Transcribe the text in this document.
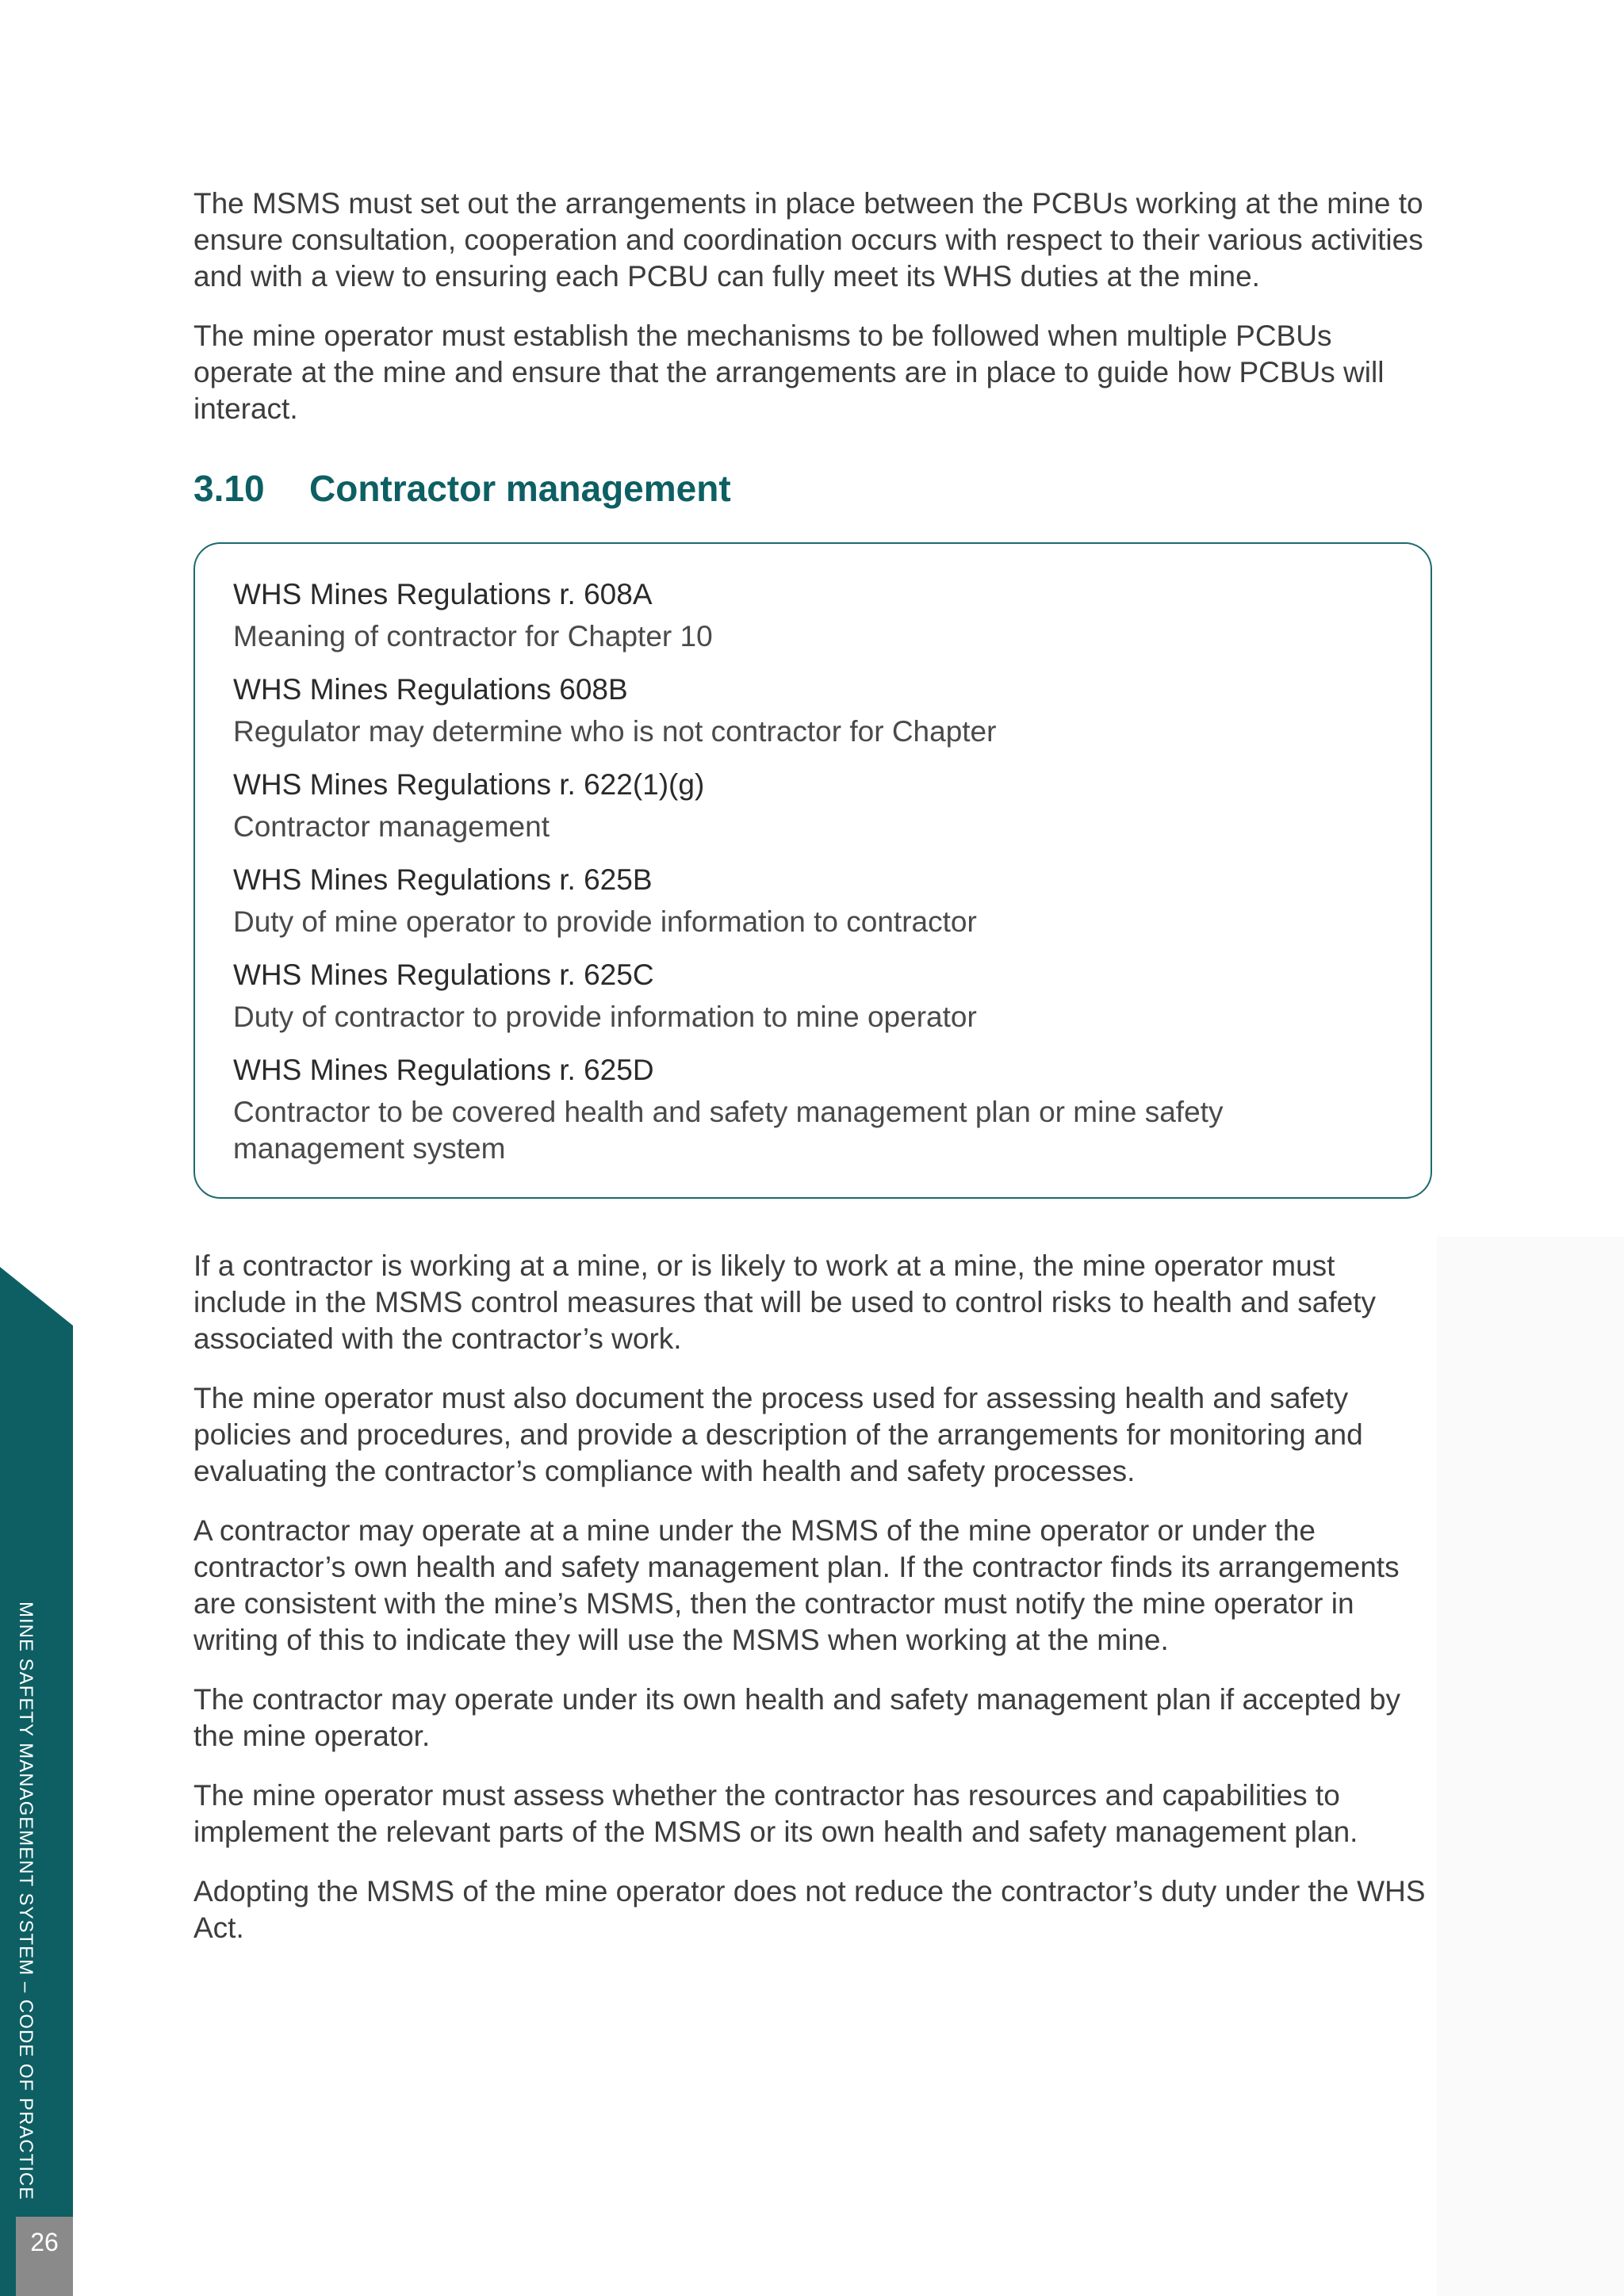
The MSMS must set out the arrangements in place between the PCBUs working at the mine to ensure consultation, cooperation and coordination occurs with respect to their various activities and with a view to ensuring each PCBU can fully meet its WHS duties at the mine.

The mine operator must establish the mechanisms to be followed when multiple PCBUs operate at the mine and ensure that the arrangements are in place to guide how PCBUs will interact.

3.10	Contractor management
WHS Mines Regulations r. 608A
Meaning of contractor for Chapter 10
WHS Mines Regulations 608B
Regulator may determine who is not contractor for Chapter
WHS Mines Regulations r. 622(1)(g)
Contractor management
WHS Mines Regulations r. 625B
Duty of mine operator to provide information to contractor
WHS Mines Regulations r. 625C
Duty of contractor to provide information to mine operator
WHS Mines Regulations r. 625D
Contractor to be covered health and safety management plan or mine safety management system

If a contractor is working at a mine, or is likely to work at a mine, the mine operator must include in the MSMS control measures that will be used to control risks to health and safety associated with the contractor’s work.

The mine operator must also document the process used for assessing health and safety policies and procedures, and provide a description of the arrangements for monitoring and evaluating the contractor’s compliance with health and safety processes.

A contractor may operate at a mine under the MSMS of the mine operator or under the contractor’s own health and safety management plan. If the contractor finds its arrangements are consistent with the mine’s MSMS, then the contractor must notify the mine operator in writing of this to indicate they will use the MSMS when working at the mine.

The contractor may operate under its own health and safety management plan if accepted by the mine operator.

The mine operator must assess whether the contractor has resources and capabilities to implement the relevant parts of the MSMS or its own health and safety management plan.

Adopting the MSMS of the mine operator does not reduce the contractor’s duty under the WHS Act.

MINE SAFETY MANAGEMENT SYSTEM – CODE OF PRACTICE
26
